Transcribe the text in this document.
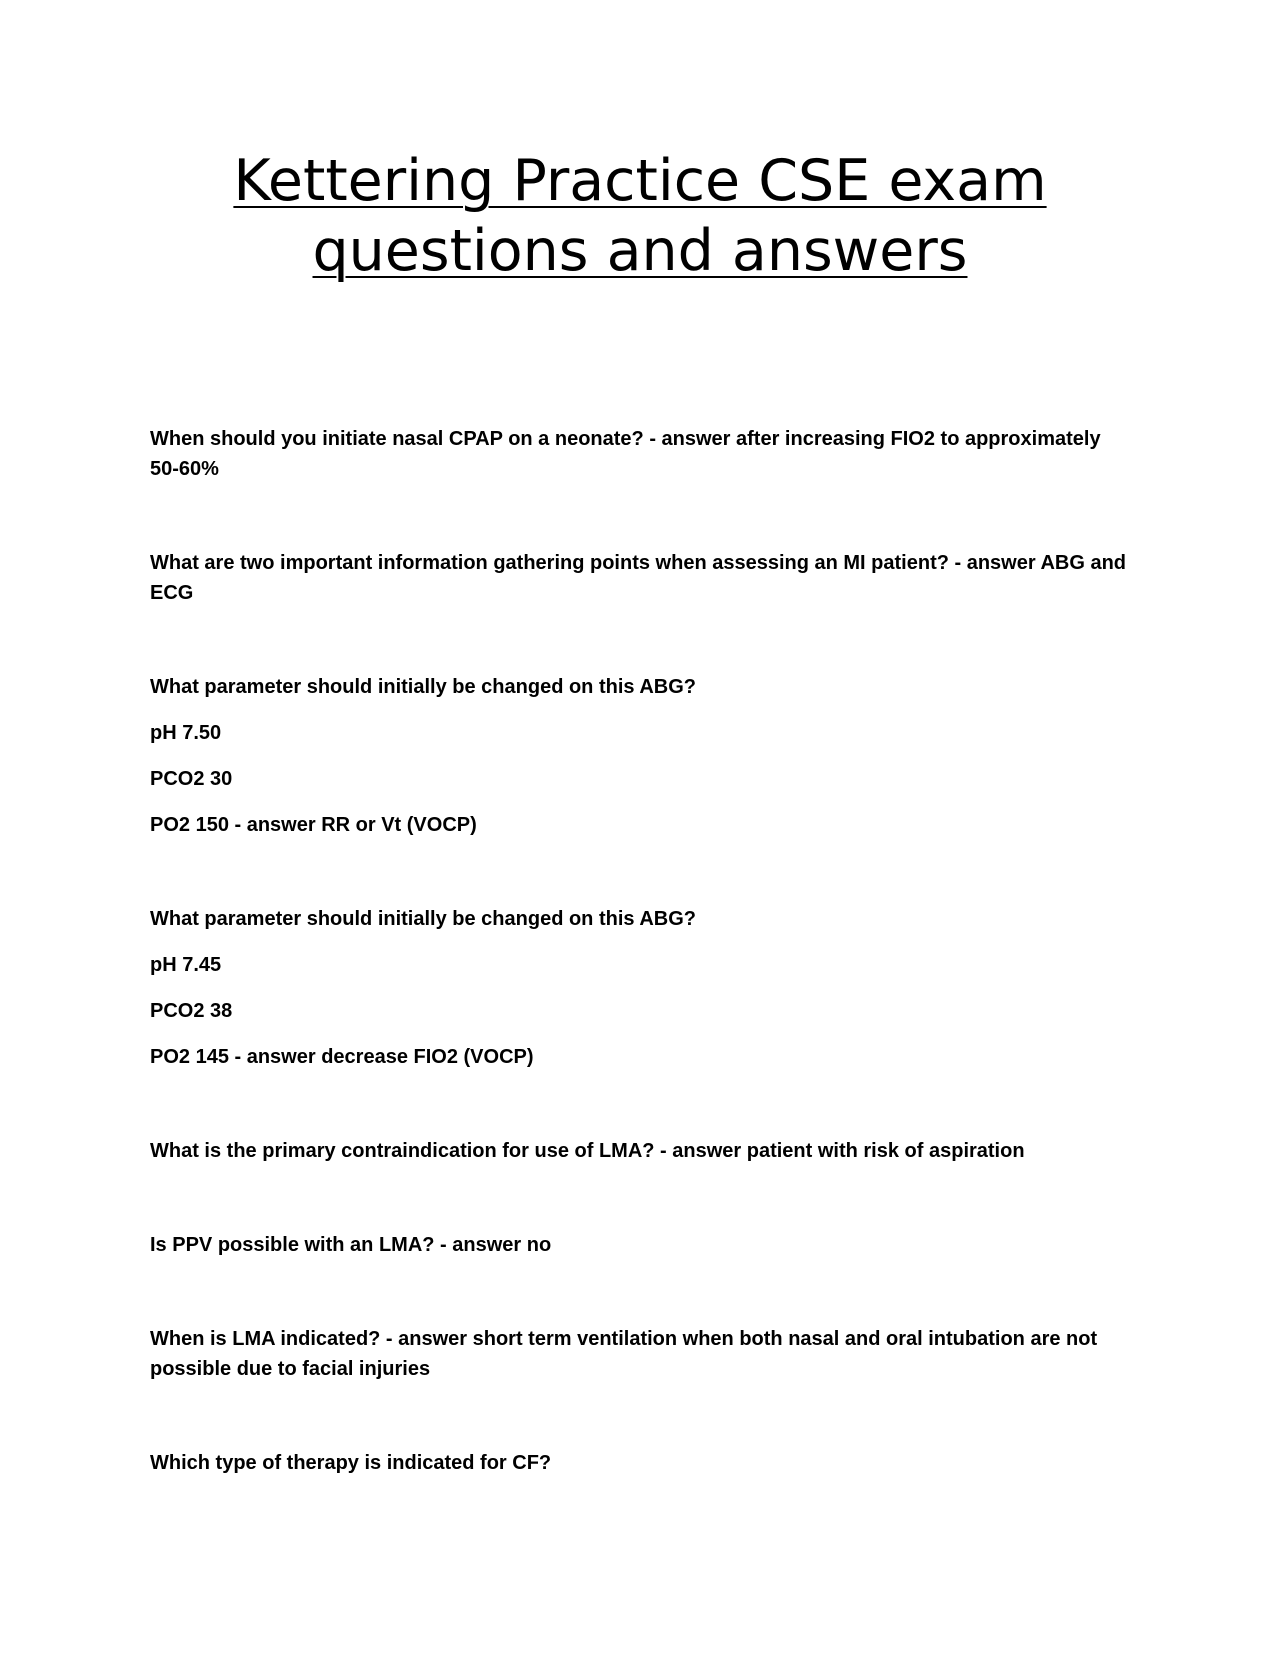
Kettering Practice CSE exam
questions and answers

When should you initiate nasal CPAP on a neonate? - answer after increasing FIO2 to approximately 50-60%

What are two important information gathering points when assessing an MI patient? - answer ABG and ECG

What parameter should initially be changed on this ABG?

pH 7.50

PCO2 30

PO2 150 - answer RR or Vt (VOCP)

What parameter should initially be changed on this ABG?

pH 7.45

PCO2 38

PO2 145 - answer decrease FIO2 (VOCP)

What is the primary contraindication for use of LMA? - answer patient with risk of aspiration

Is PPV possible with an LMA? - answer no

When is LMA indicated? - answer short term ventilation when both nasal and oral intubation are not possible due to facial injuries

Which type of therapy is indicated for CF?
